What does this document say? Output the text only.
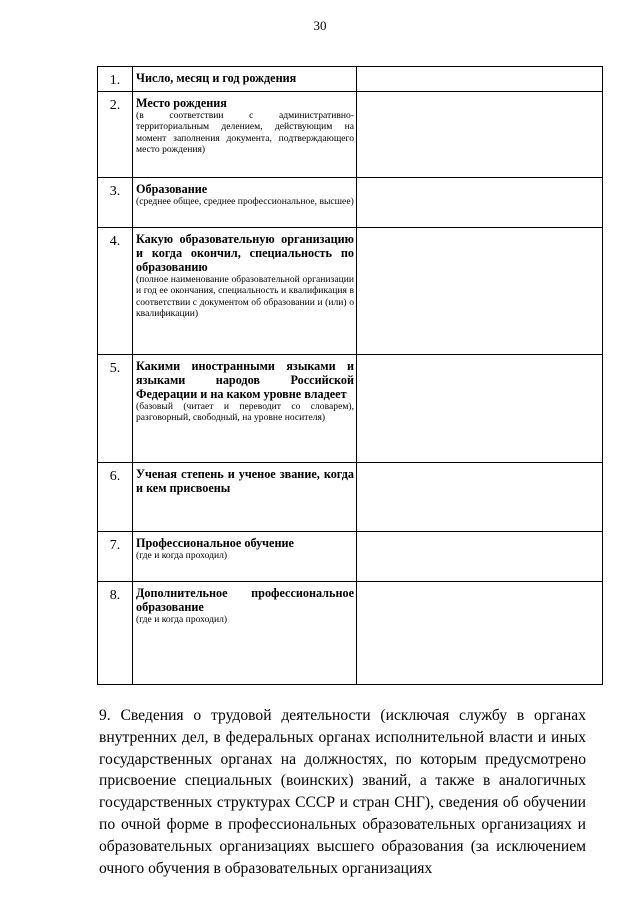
30
1.	Число, месяц и год рождения	

2.	Место рождения
(в соответствии с административно-территориальным делением, действующим на момент заполнения документа, подтверждающего место рождения)	

3.	Образование
(среднее общее, среднее профессиональное, высшее)	

4.	Какую образовательную организацию и когда окончил, специальность по образованию
(полное наименование образовательной организации и год ее окончания, специальность и квалификация в соответствии с документом об образовании и (или) о квалификации)	

5.	Какими иностранными языками и языками народов Российской Федерации и на каком уровне владеет
(базовый (читает и переводит со словарем), разговорный, свободный, на уровне носителя)	

6.	Ученая степень и ученое звание, когда и кем присвоены	

7.	Профессиональное обучение
(где и когда проходил)	

8.	Дополнительное профессиональное образование
(где и когда проходил)	

9. Сведения о трудовой деятельности (исключая службу в органах внутренних дел, в федеральных органах исполнительной власти и иных государственных органах на должностях, по которым предусмотрено присвоение специальных (воинских) званий, а также в аналогичных государственных структурах СССР и стран СНГ), сведения об обучении по очной форме в профессиональных образовательных организациях и образовательных организациях высшего образования (за исключением очного обучения в образовательных организациях
